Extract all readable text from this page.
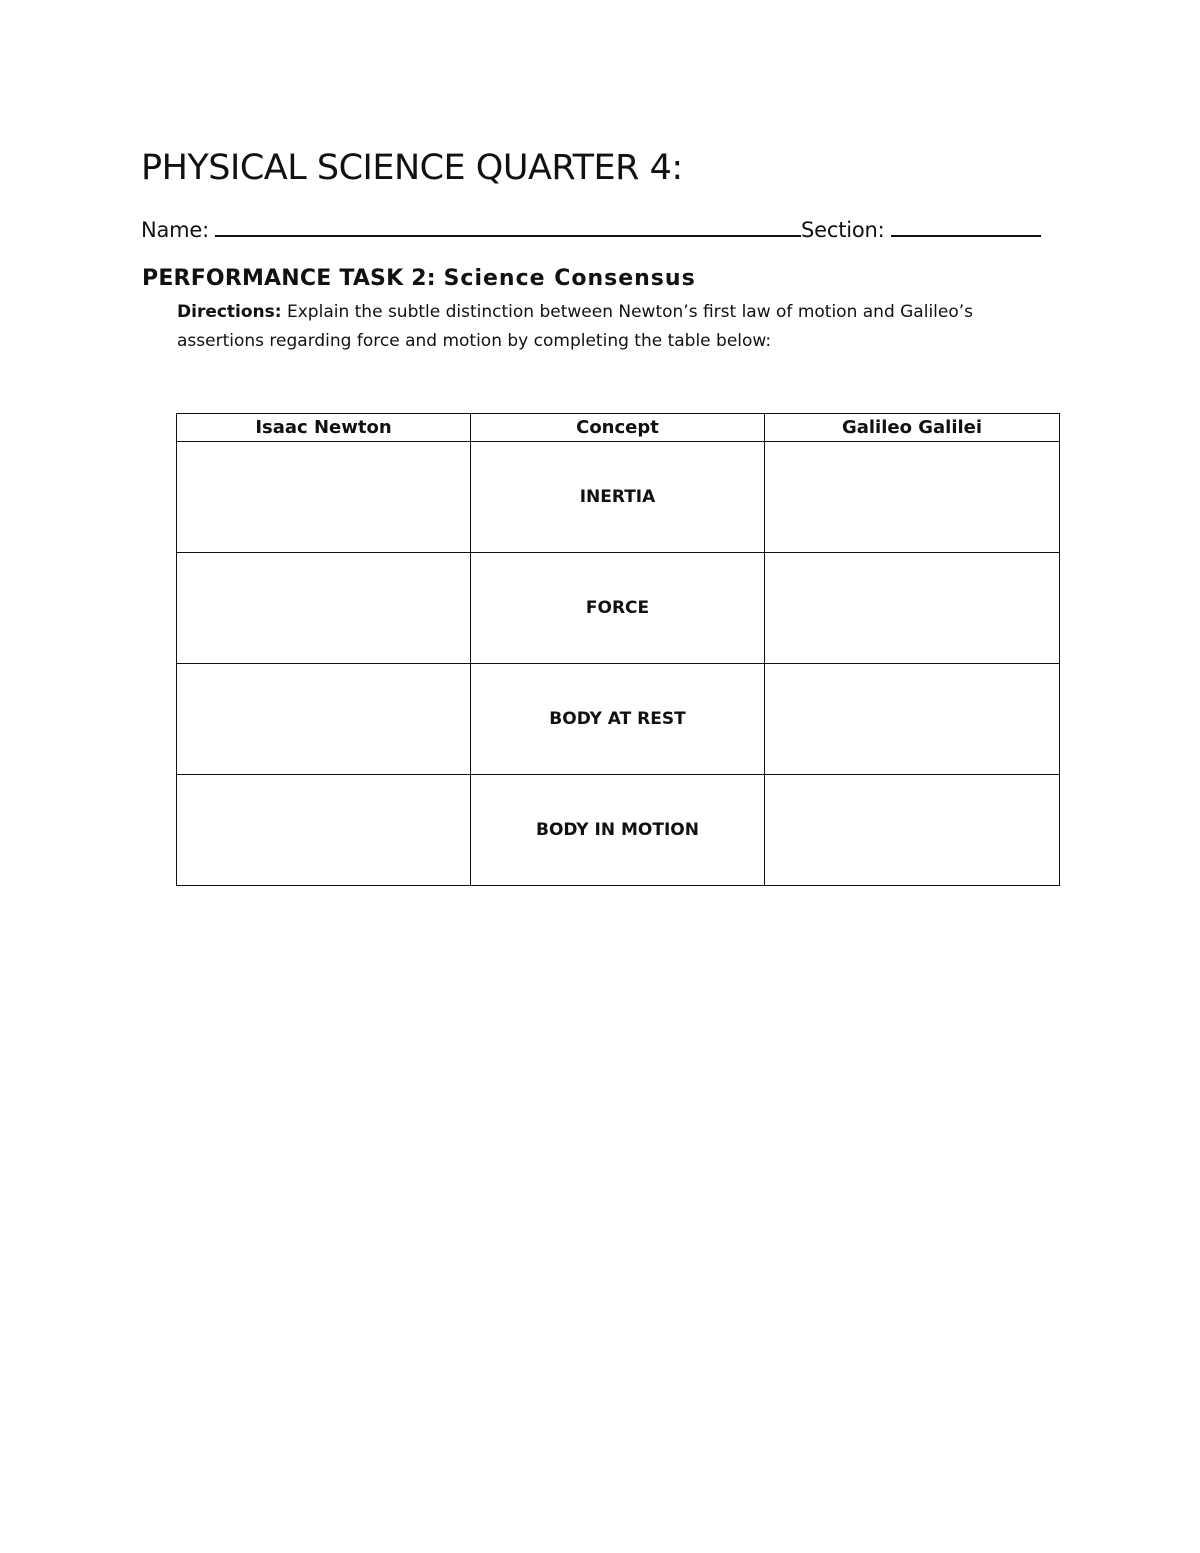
PHYSICAL SCIENCE QUARTER 4:
Name:	Section:
PERFORMANCE TASK 2: Science Consensus

Directions: Explain the subtle distinction between Newton’s first law of motion and Galileo’s assertions regarding force and motion by completing the table below:

Isaac Newton	Concept	Galileo Galilei
	INERTIA	
	FORCE	
	BODY AT REST	
	BODY IN MOTION	
